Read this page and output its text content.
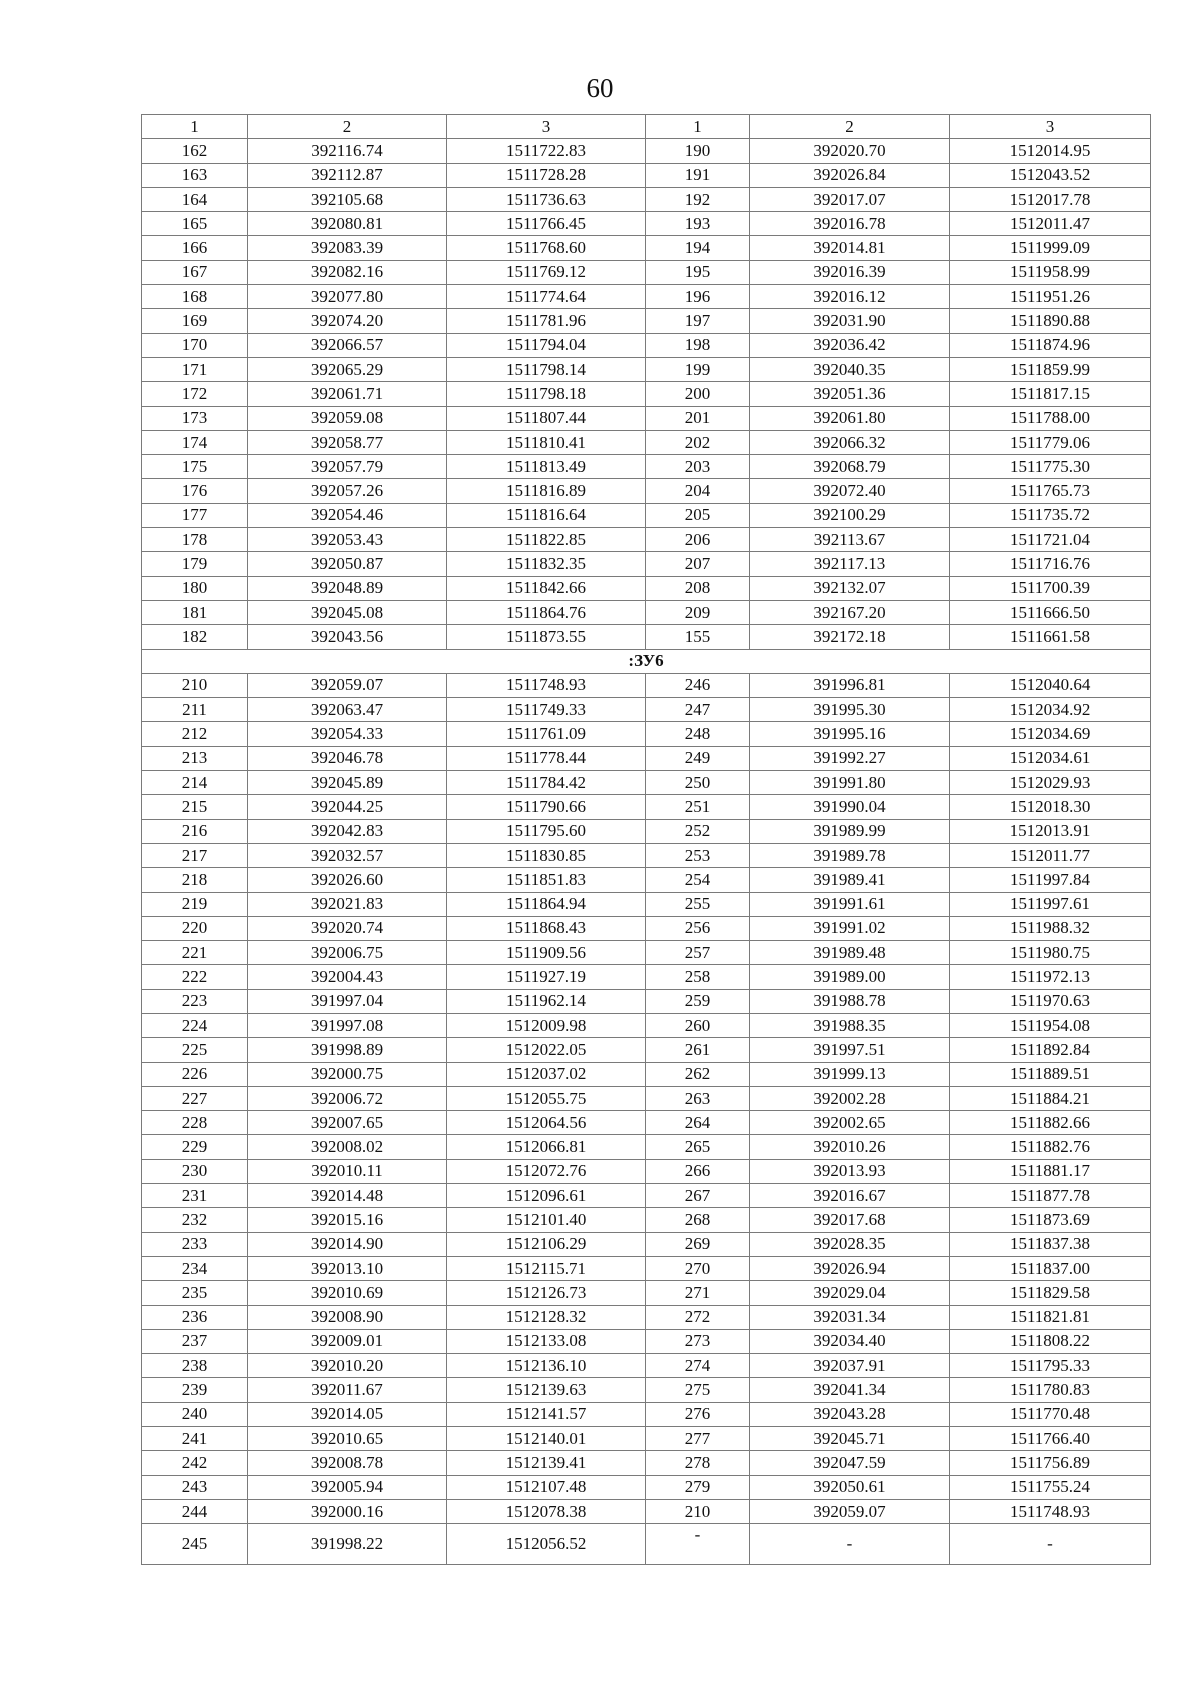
60
1	2	3	1	2	3
162	392116.74	1511722.83	190	392020.70	1512014.95
163	392112.87	1511728.28	191	392026.84	1512043.52
164	392105.68	1511736.63	192	392017.07	1512017.78
165	392080.81	1511766.45	193	392016.78	1512011.47
166	392083.39	1511768.60	194	392014.81	1511999.09
167	392082.16	1511769.12	195	392016.39	1511958.99
168	392077.80	1511774.64	196	392016.12	1511951.26
169	392074.20	1511781.96	197	392031.90	1511890.88
170	392066.57	1511794.04	198	392036.42	1511874.96
171	392065.29	1511798.14	199	392040.35	1511859.99
172	392061.71	1511798.18	200	392051.36	1511817.15
173	392059.08	1511807.44	201	392061.80	1511788.00
174	392058.77	1511810.41	202	392066.32	1511779.06
175	392057.79	1511813.49	203	392068.79	1511775.30
176	392057.26	1511816.89	204	392072.40	1511765.73
177	392054.46	1511816.64	205	392100.29	1511735.72
178	392053.43	1511822.85	206	392113.67	1511721.04
179	392050.87	1511832.35	207	392117.13	1511716.76
180	392048.89	1511842.66	208	392132.07	1511700.39
181	392045.08	1511864.76	209	392167.20	1511666.50
182	392043.56	1511873.55	155	392172.18	1511661.58
:ЗУ6					
210	392059.07	1511748.93	246	391996.81	1512040.64
211	392063.47	1511749.33	247	391995.30	1512034.92
212	392054.33	1511761.09	248	391995.16	1512034.69
213	392046.78	1511778.44	249	391992.27	1512034.61
214	392045.89	1511784.42	250	391991.80	1512029.93
215	392044.25	1511790.66	251	391990.04	1512018.30
216	392042.83	1511795.60	252	391989.99	1512013.91
217	392032.57	1511830.85	253	391989.78	1512011.77
218	392026.60	1511851.83	254	391989.41	1511997.84
219	392021.83	1511864.94	255	391991.61	1511997.61
220	392020.74	1511868.43	256	391991.02	1511988.32
221	392006.75	1511909.56	257	391989.48	1511980.75
222	392004.43	1511927.19	258	391989.00	1511972.13
223	391997.04	1511962.14	259	391988.78	1511970.63
224	391997.08	1512009.98	260	391988.35	1511954.08
225	391998.89	1512022.05	261	391997.51	1511892.84
226	392000.75	1512037.02	262	391999.13	1511889.51
227	392006.72	1512055.75	263	392002.28	1511884.21
228	392007.65	1512064.56	264	392002.65	1511882.66
229	392008.02	1512066.81	265	392010.26	1511882.76
230	392010.11	1512072.76	266	392013.93	1511881.17
231	392014.48	1512096.61	267	392016.67	1511877.78
232	392015.16	1512101.40	268	392017.68	1511873.69
233	392014.90	1512106.29	269	392028.35	1511837.38
234	392013.10	1512115.71	270	392026.94	1511837.00
235	392010.69	1512126.73	271	392029.04	1511829.58
236	392008.90	1512128.32	272	392031.34	1511821.81
237	392009.01	1512133.08	273	392034.40	1511808.22
238	392010.20	1512136.10	274	392037.91	1511795.33
239	392011.67	1512139.63	275	392041.34	1511780.83
240	392014.05	1512141.57	276	392043.28	1511770.48
241	392010.65	1512140.01	277	392045.71	1511766.40
242	392008.78	1512139.41	278	392047.59	1511756.89
243	392005.94	1512107.48	279	392050.61	1511755.24
244	392000.16	1512078.38	210	392059.07	1511748.93
245	391998.22	1512056.52	-	-	-
